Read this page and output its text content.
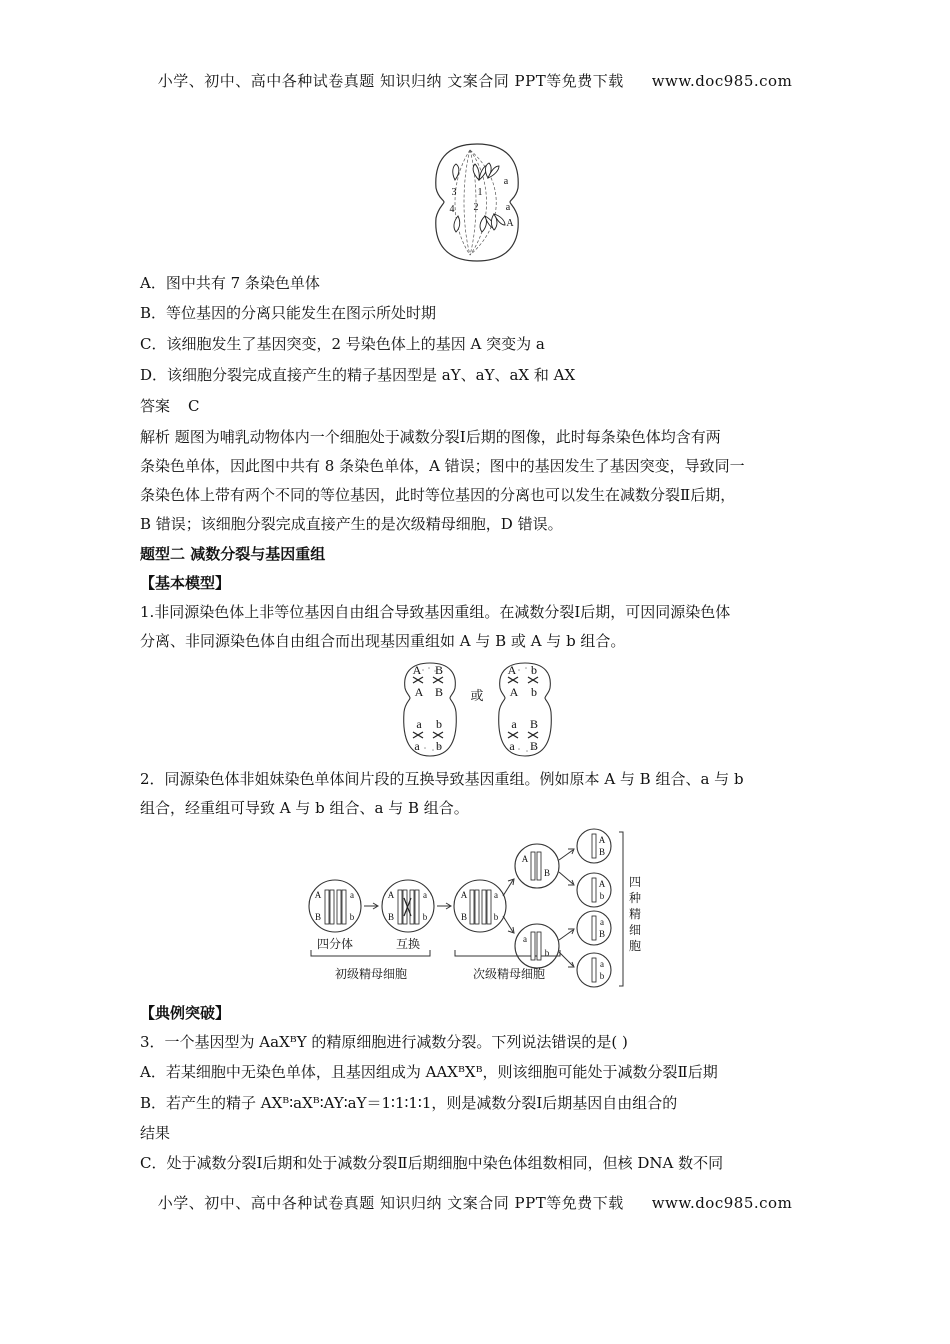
小学、初中、高中各种试卷真题 知识归纳 文案合同 PPT等免费下载 www.doc985.com
3 1
a
4 2	a
A
A．图中共有 7 条染色单体
B．等位基因的分离只能发生在图示所处时期
C．该细胞发生了基因突变，2 号染色体上的基因 A 突变为 a
D．该细胞分裂完成直接产生的精子基因型是 aY、aY、aX 和 AX
答案 C
解析 题图为哺乳动物体内一个细胞处于减数分裂Ⅰ后期的图像，此时每条染色体均含有两
条染色单体，因此图中共有 8 条染色单体，A 错误；图中的基因发生了基因突变，导致同一
条染色体上带有两个不同的等位基因，此时等位基因的分离也可以发生在减数分裂Ⅱ后期，
B 错误；该细胞分裂完成直接产生的是次级精母细胞，D 错误。
题型二 减数分裂与基因重组
【基本模型】
1.非同源染色体上非等位基因自由组合导致基因重组。在减数分裂Ⅰ后期，可因同源染色体
分离、非同源染色体自由组合而出现基因重组如 A 与 B 或 A 与 b 组合。
A B
A B
a b
a b
或
A b
A b
a B
a B
2．同源染色体非姐妹染色单体间片段的互换导致基因重组。例如原本 A 与 B 组合、a 与 b
组合，经重组可导致 A 与 b 组合、a 与 B 组合。
A
B
a
b
A
B
a
b
A
B
a
b
A
B
a
b
A
B
A
b
a
B
a
b
四分体	互换
初级精母细胞	次级精母细胞
四
种
精
细
胞
【典例突破】
3．一个基因型为 AaXᴮY 的精原细胞进行减数分裂。下列说法错误的是( )
A．若某细胞中无染色单体，且基因组成为 AAXᴮXᴮ，则该细胞可能处于减数分裂Ⅱ后期
B．若产生的精子 AXᴮ∶aXᴮ∶AY∶aY＝1∶1∶1∶1，则是减数分裂Ⅰ后期基因自由组合的
结果
C．处于减数分裂Ⅰ后期和处于减数分裂Ⅱ后期细胞中染色体组数相同，但核 DNA 数不同
小学、初中、高中各种试卷真题 知识归纳 文案合同 PPT等免费下载 www.doc985.com
